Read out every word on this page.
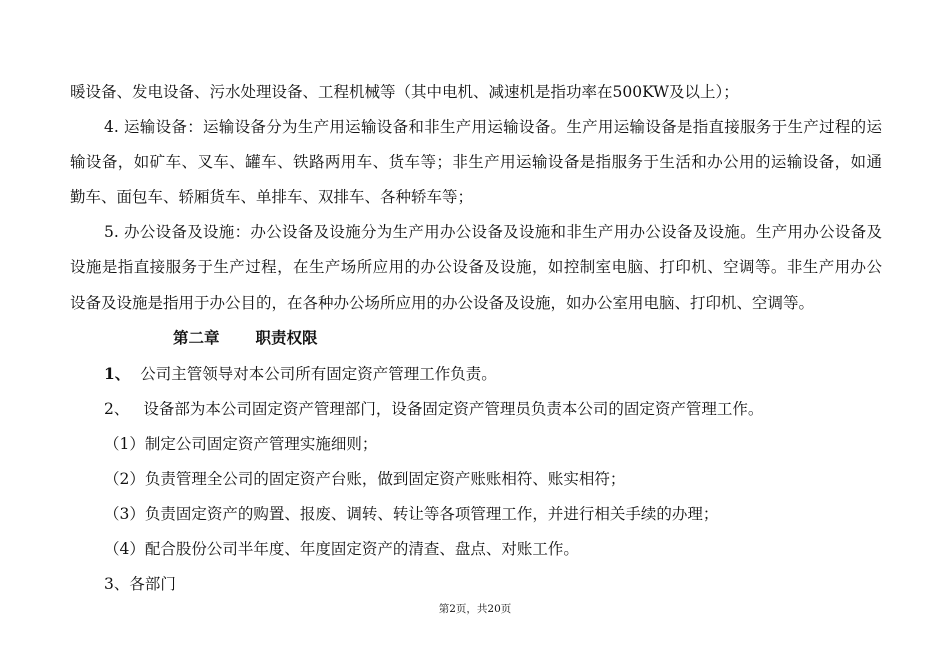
暖设备、发电设备、污水处理设备、工程机械等（其中电机、减速机是指功率在500KW及以上）；
4. 运输设备：运输设备分为生产用运输设备和非生产用运输设备。生产用运输设备是指直接服务于生产过程的运
输设备，如矿车、叉车、罐车、铁路两用车、货车等；非生产用运输设备是指服务于生活和办公用的运输设备，如通
勤车、面包车、轿厢货车、单排车、双排车、各种轿车等；
5. 办公设备及设施：办公设备及设施分为生产用办公设备及设施和非生产用办公设备及设施。生产用办公设备及
设施是指直接服务于生产过程，在生产场所应用的办公设备及设施，如控制室电脑、打印机、空调等。非生产用办公
设备及设施是指用于办公目的，在各种办公场所应用的办公设备及设施，如办公室用电脑、打印机、空调等。
第二章 职责权限
1、 公司主管领导对本公司所有固定资产管理工作负责。
2、 设备部为本公司固定资产管理部门，设备固定资产管理员负责本公司的固定资产管理工作。
（1）制定公司固定资产管理实施细则；
（2）负责管理全公司的固定资产台账，做到固定资产账账相符、账实相符；
（3）负责固定资产的购置、报废、调转、转让等各项管理工作，并进行相关手续的办理；
（4）配合股份公司半年度、年度固定资产的清查、盘点、对账工作。
3、各部门
第2页，共20页
